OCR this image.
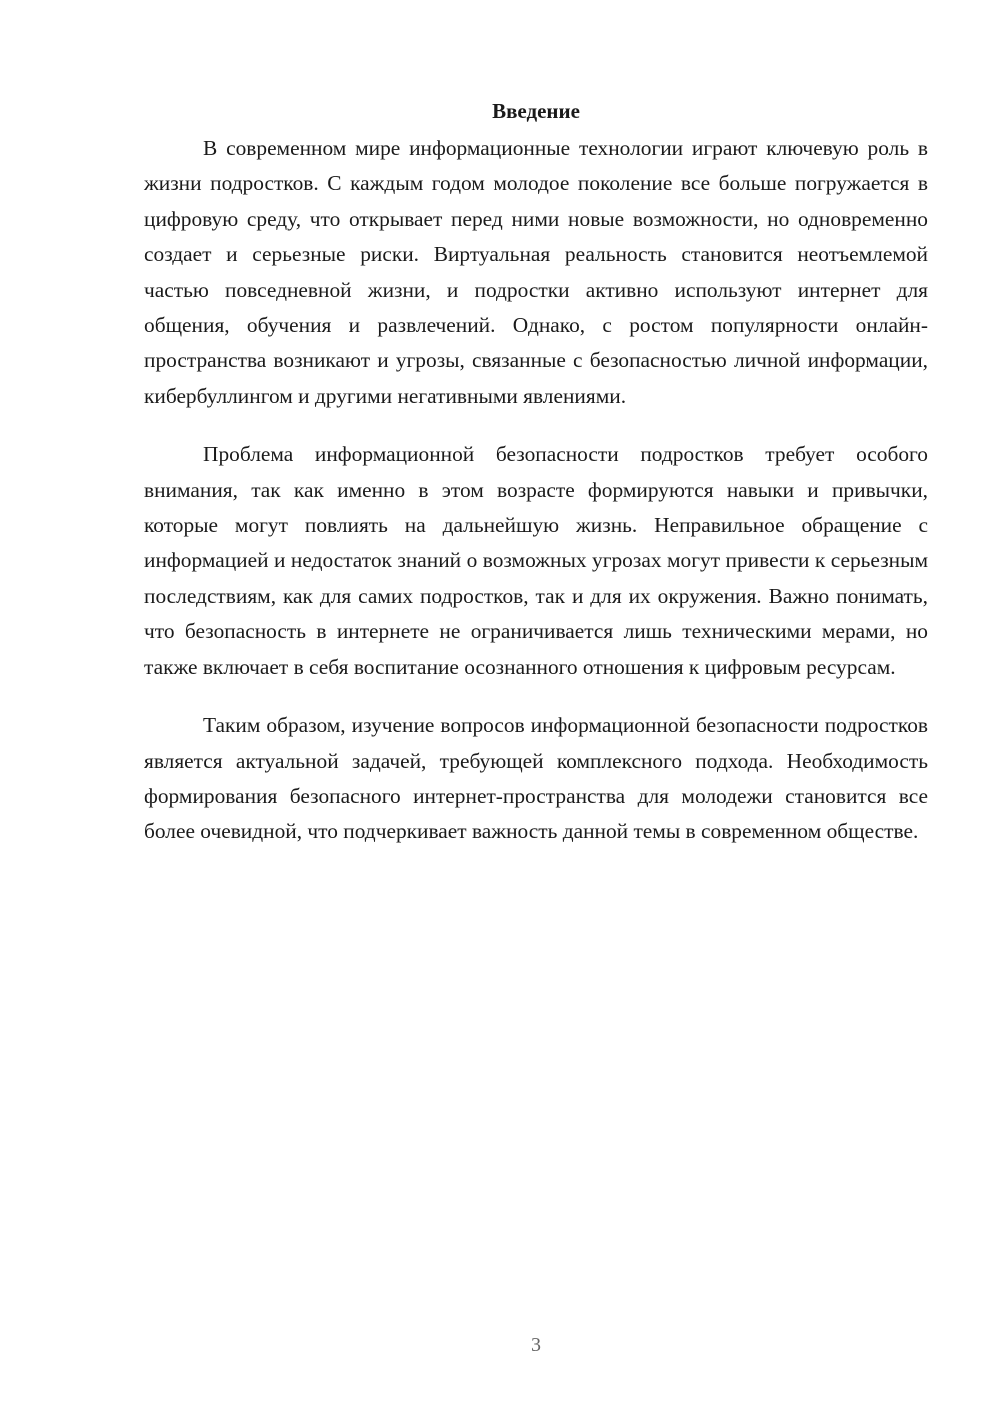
Введение

В современном мире информационные технологии играют ключевую роль в жизни подростков. С каждым годом молодое поколение все больше погружается в цифровую среду, что открывает перед ними новые возможности, но одновременно создает и серьезные риски. Виртуальная реальность становится неотъемлемой частью повседневной жизни, и подростки активно используют интернет для общения, обучения и развлечений. Однако, с ростом популярности онлайн-пространства возникают и угрозы, связанные с безопасностью личной информации, кибербуллингом и другими негативными явлениями.

Проблема информационной безопасности подростков требует особого внимания, так как именно в этом возрасте формируются навыки и привычки, которые могут повлиять на дальнейшую жизнь. Неправильное обращение с информацией и недостаток знаний о возможных угрозах могут привести к серьезным последствиям, как для самих подростков, так и для их окружения. Важно понимать, что безопасность в интернете не ограничивается лишь техническими мерами, но также включает в себя воспитание осознанного отношения к цифровым ресурсам.

Таким образом, изучение вопросов информационной безопасности подростков является актуальной задачей, требующей комплексного подхода. Необходимость формирования безопасного интернет-пространства для молодежи становится все более очевидной, что подчеркивает важность данной темы в современном обществе.

3
